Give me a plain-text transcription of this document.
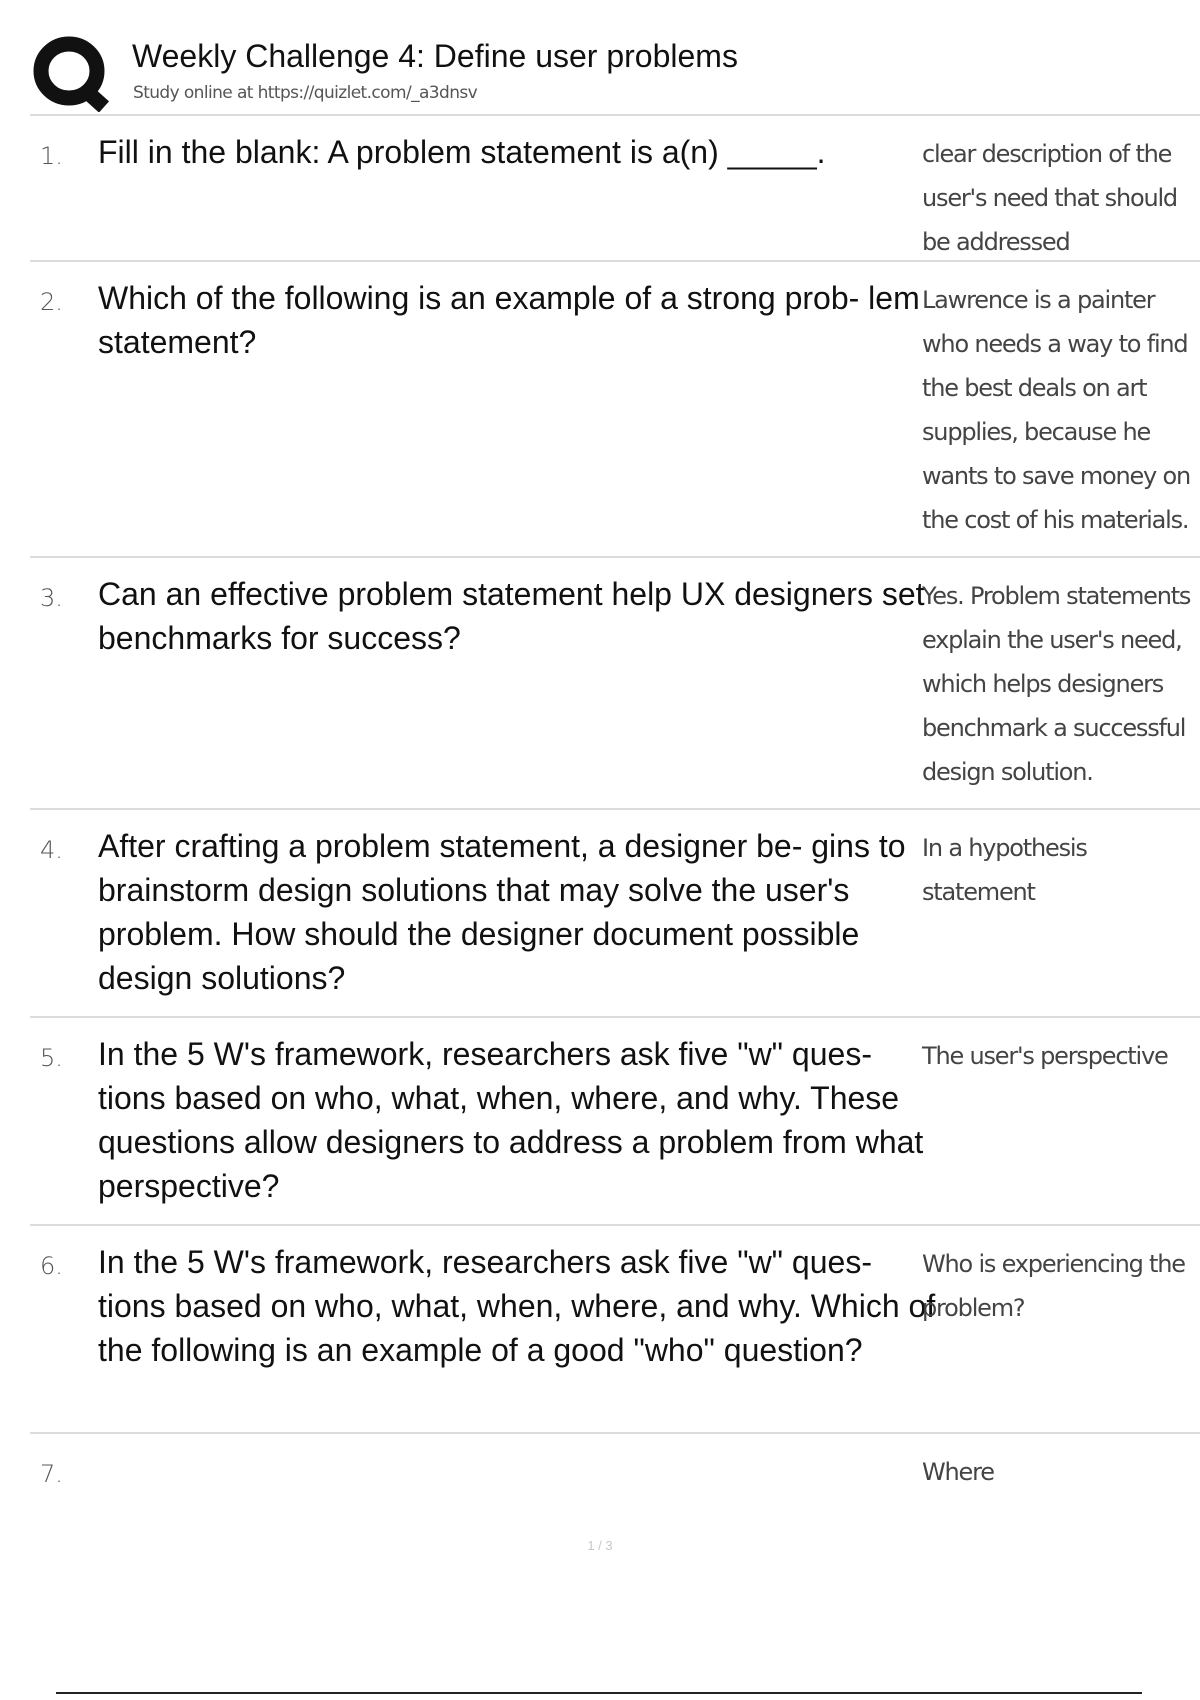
Weekly Challenge 4: Define user problems
Study online at https://quizlet.com/_a3dnsv
1. Fill in the blank: A problem statement is a(n) _____.	clear description of the user's need that should be addressed
2. Which of the following is an example of a strong prob- lem statement?
Lawrence is a painter who needs a way to find the best deals on art supplies, because he wants to save money on the cost of his materials.
3. Can an effective problem statement help UX designers set benchmarks for success?
Yes. Problem statements explain the user's need, which helps designers benchmark a successful design solution.
4. After crafting a problem statement, a designer be- gins to brainstorm design solutions that may solve the user's problem. How should the designer document possible design solutions?
In a hypothesis statement
5. In the 5 W's framework, researchers ask five "w" ques- tions based on who, what, when, where, and why. These questions allow designers to address a problem from what perspective?
The user's perspective
6. In the 5 W's framework, researchers ask five "w" ques- tions based on who, what, when, where, and why. Which of the following is an example of a good "who" question?
Who is experiencing the problem?
7.	Where
1 / 3
